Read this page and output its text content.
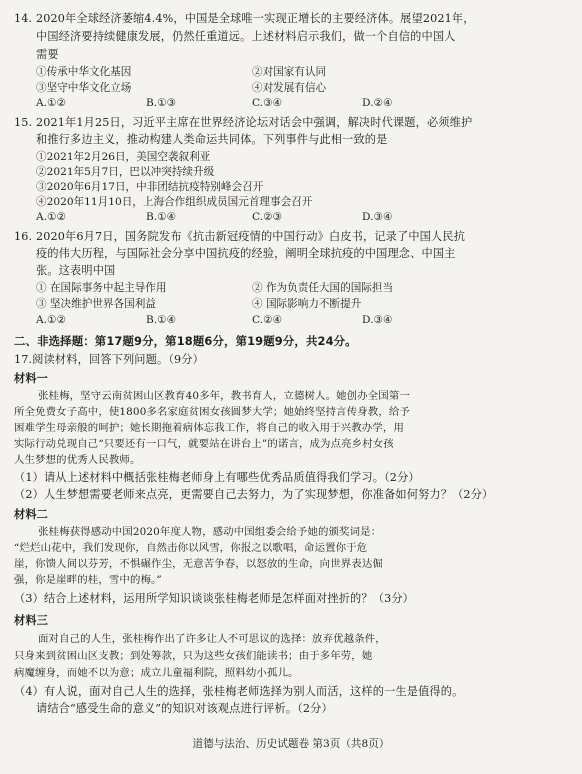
14. 2020年全球经济萎缩4.4%，中国是全球唯一实现正增长的主要经济体。展望2021年，
中国经济要持续健康发展，仍然任重道远。上述材料启示我们，做一个自信的中国人
需要
①传承中华文化基因	②对国家有认同
③坚守中华文化立场	④对发展有信心
A.①②	B.①③	C.③④	D.②④
15. 2021年1月25日，习近平主席在世界经济论坛对话会中强调，解决时代课题，必须维护
和推行多边主义，推动构建人类命运共同体。下列事件与此相一致的是
①2021年2月26日，美国空袭叙利亚
②2021年5月7日，巴以冲突持续升级
③2020年6月17日，中非团结抗疫特别峰会召开
④2020年11月10日，上海合作组织成员国元首理事会召开
A.①②	B.①④	C.②③	D.③④
16. 2020年6月7日，国务院发布《抗击新冠疫情的中国行动》白皮书，记录了中国人民抗
疫的伟大历程，与国际社会分享中国抗疫的经验，阐明全球抗疫的中国理念、中国主
张。这表明中国
① 在国际事务中起主导作用	② 作为负责任大国的国际担当
③ 坚决维护世界各国利益	④ 国际影响力不断提升
A.①②	B.①④	C.②④	D.③④
二、非选择题：第17题9分，第18题6分，第19题9分，共24分。
17.阅读材料，回答下列问题。（9分）
材料一
张桂梅，坚守云南贫困山区教育40多年，教书育人，立德树人。她创办全国第一
所全免费女子高中，使1800多名家庭贫困女孩圆梦大学；她始终坚持言传身教，给予
困难学生母亲般的呵护；她长期拖着病体忘我工作，将自己的收入用于兴教办学，用
实际行动兑现自己“只要还有一口气，就要站在讲台上”的诺言，成为点亮乡村女孩
人生梦想的优秀人民教师。
（1）请从上述材料中概括张桂梅老师身上有哪些优秀品质值得我们学习。（2分）
（2）人生梦想需要老师来点亮，更需要自己去努力，为了实现梦想，你准备如何努力？（2分）
材料二
张桂梅获得感动中国2020年度人物，感动中国组委会给予她的颁奖词是：
“烂烂山花中，我们发现你，自然击你以风雪，你报之以歌唱，命运置你于危
崖，你馈人间以芬芳，不惧碾作尘，无意苦争春，以怒放的生命，向世界表达倔
强，你是崖畔的桂，雪中的梅。”
（3）结合上述材料，运用所学知识谈谈张桂梅老师是怎样面对挫折的？（3分）
材料三
面对自己的人生，张桂梅作出了许多让人不可思议的选择：放弃优越条件，
只身来到贫困山区支教；到处筹款，只为这些女孩们能读书；由于多年劳，她
病魔缠身，而她不以为意；成立儿童福利院，照料幼小孤儿。
（4）有人说，面对自己人生的选择，张桂梅老师选择为别人而活，这样的一生是值得的。
请结合“感受生命的意义”的知识对该观点进行评析。（2分）
道德与法治、历史试题卷 第3页（共8页）
